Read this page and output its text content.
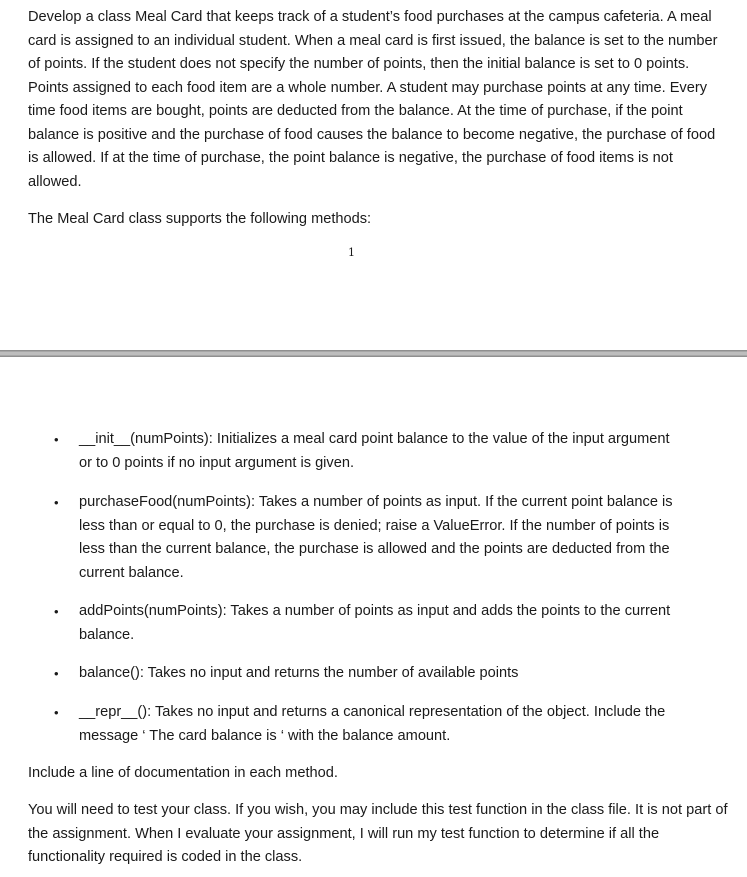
Develop a class Meal Card that keeps track of a student’s food purchases at the campus cafeteria. A meal card is assigned to an individual student. When a meal card is first issued, the balance is set to the number of points. If the student does not specify the number of points, then the initial balance is set to 0 points. Points assigned to each food item are a whole number. A student may purchase points at any time. Every time food items are bought, points are deducted from the balance. At the time of purchase, if the point balance is positive and the purchase of food causes the balance to become negative, the purchase of food is allowed. If at the time of purchase, the point balance is negative, the purchase of food items is not allowed.

The Meal Card class supports the following methods:

1
• __init__(numPoints): Initializes a meal card point balance to the value of the input argument or to 0 points if no input argument is given.
• purchaseFood(numPoints): Takes a number of points as input. If the current point balance is less than or equal to 0, the purchase is denied; raise a ValueError. If the number of points is less than the current balance, the purchase is allowed and the points are deducted from the current balance.
• addPoints(numPoints): Takes a number of points as input and adds the points to the current balance.
• balance(): Takes no input and returns the number of available points
• __repr__(): Takes no input and returns a canonical representation of the object. Include the message ‘ The card balance is ‘ with the balance amount.

Include a line of documentation in each method.

You will need to test your class. If you wish, you may include this test function in the class file. It is not part of the assignment. When I evaluate your assignment, I will run my test function to determine if all the functionality required is coded in the class.
